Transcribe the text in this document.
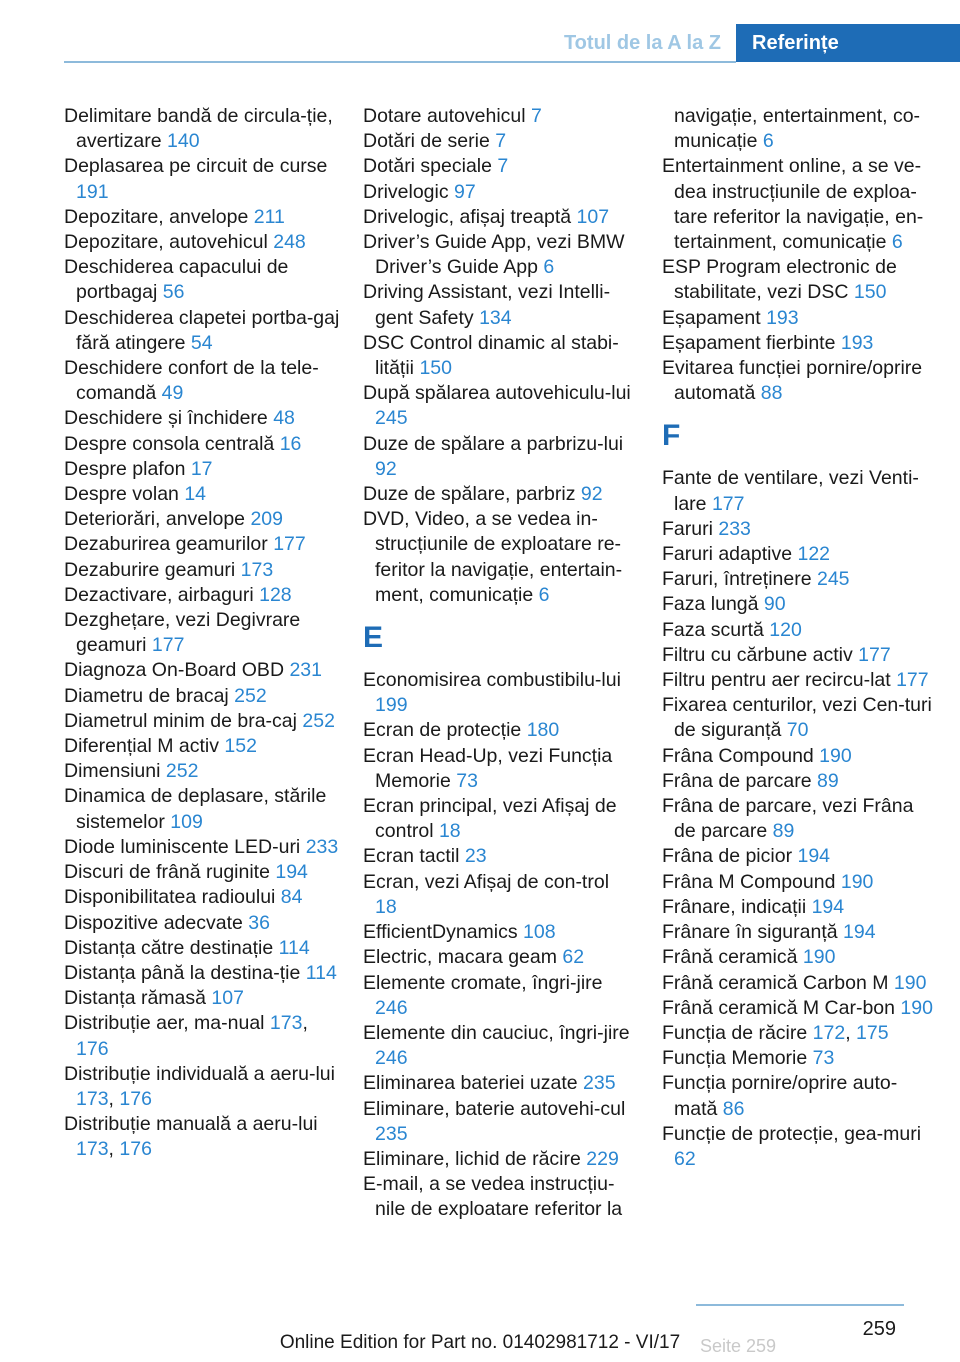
Totul de la A la Z	Referințe

Delimitare bandă de circula-ție, avertizare 140

Deplasarea pe circuit de curse 191

Depozitare, anvelope 211

Depozitare, autovehicul 248

Deschiderea capacului de portbagaj 56

Deschiderea clapetei portba-gaj fără atingere 54

Deschidere confort de la tele-comandă 49

Deschidere și închidere 48

Despre consola centrală 16

Despre plafon 17

Despre volan 14

Deteriorări, anvelope 209

Dezaburirea geamurilor 177

Dezaburire geamuri 173

Dezactivare, airbaguri 128

Dezghețare, vezi Degivrare geamuri 177

Diagnoza On-Board OBD 231

Diametru de bracaj 252

Diametrul minim de bra-caj 252

Diferențial M activ 152

Dimensiuni 252

Dinamica de deplasare, stările sistemelor 109

Diode luminiscente LED-uri 233

Discuri de frână ruginite 194

Disponibilitatea radioului 84

Dispozitive adecvate 36

Distanța către destinație 114

Distanța până la destina-ție 114

Distanța rămasă 107

Distribuție aer, ma-nual 173, 176

Distribuție individuală a aeru-lui 173, 176

Distribuție manuală a aeru-lui 173, 176

Dotare autovehicul 7

Dotări de serie 7

Dotări speciale 7

Drivelogic 97

Drivelogic, afișaj treaptă 107

Driver’s Guide App, vezi BMW Driver’s Guide App 6

Driving Assistant, vezi Intelli-gent Safety 134

DSC Control dinamic al stabi-lității 150

După spălarea autovehiculu-lui 245

Duze de spălare a parbrizu-lui 92

Duze de spălare, parbriz 92

DVD, Video, a se vedea in-strucțiunile de exploatare re-feritor la navigație, entertain-ment, comunicație 6

E

Economisirea combustibilu-lui 199

Ecran de protecție 180

Ecran Head-Up, vezi Funcția Memorie 73

Ecran principal, vezi Afișaj de control 18

Ecran tactil 23

Ecran, vezi Afișaj de con-trol 18

EfficientDynamics 108

Electric, macara geam 62

Elemente cromate, îngri-jire 246

Elemente din cauciuc, îngri-jire 246

Eliminarea bateriei uzate 235

Eliminare, baterie autovehi-cul 235

Eliminare, lichid de răcire 229

E-mail, a se vedea instrucțiu-nile de exploatare referitor la

navigație, entertainment, co-municație 6

Entertainment online, a se ve-dea instrucțiunile de exploa-tare referitor la navigație, en-tertainment, comunicație 6

ESP Program electronic de stabilitate, vezi DSC 150

Eșapament 193

Eșapament fierbinte 193

Evitarea funcției pornire/oprire automată 88

F

Fante de ventilare, vezi Venti-lare 177

Faruri 233

Faruri adaptive 122

Faruri, întreținere 245

Faza lungă 90

Faza scurtă 120

Filtru cu cărbune activ 177

Filtru pentru aer recircu-lat 177

Fixarea centurilor, vezi Cen-turi de siguranță 70

Frâna Compound 190

Frâna de parcare 89

Frâna de parcare, vezi Frâna de parcare 89

Frâna de picior 194

Frâna M Compound 190

Frânare, indicații 194

Frânare în siguranță 194

Frână ceramică 190

Frână ceramică Carbon M 190

Frână ceramică M Car-bon 190

Funcția de răcire 172, 175

Funcția Memorie 73

Funcția pornire/oprire auto-mată 86

Funcție de protecție, gea-muri 62

259
Seite 259
Online Edition for Part no. 01402981712 - VI/17
